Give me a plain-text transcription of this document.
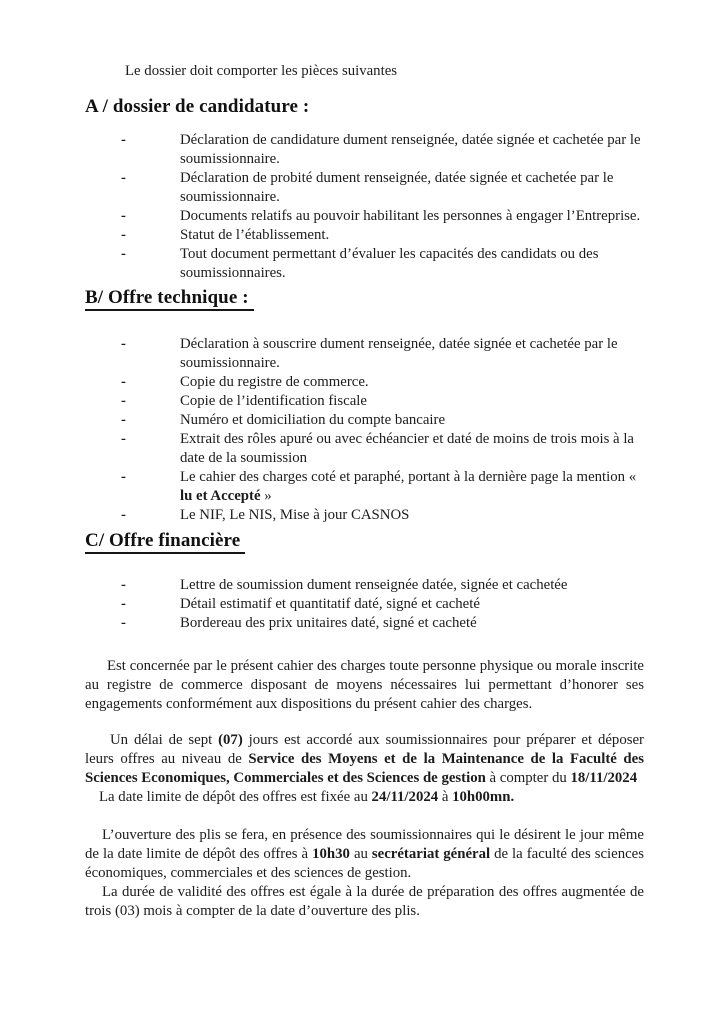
Le dossier doit comporter les pièces suivantes

A / dossier de candidature :
-	Déclaration de candidature dument renseignée, datée signée et cachetée par le soumissionnaire.
-	Déclaration de probité dument renseignée, datée signée et cachetée par le soumissionnaire.
-	Documents relatifs au pouvoir habilitant les personnes à engager l’Entreprise.
-	Statut de l’établissement.
-	Tout document permettant d’évaluer les capacités des candidats ou des soumissionnaires.
B/ Offre technique :
-	Déclaration à souscrire dument renseignée, datée signée et cachetée par le soumissionnaire.
-	Copie du registre de commerce.
-	Copie de l’identification fiscale
-	Numéro et domiciliation du compte bancaire
-	Extrait des rôles apuré ou avec échéancier et daté de moins de trois mois à la date de la soumission
-	Le cahier des charges coté et paraphé, portant à la dernière page la mention «  lu et Accepté »
-	Le NIF, Le NIS, Mise à jour CASNOS
C/ Offre financière
-	Lettre de soumission dument renseignée datée, signée et cachetée
-	Détail estimatif et quantitatif daté, signé et cacheté
-	Bordereau des prix unitaires daté, signé et cacheté

Est concernée par le présent cahier des charges toute personne physique ou morale inscrite au registre de commerce disposant de moyens nécessaires lui permettant d’honorer ses engagements conformément aux dispositions du présent cahier des charges.

Un délai de sept (07) jours est accordé aux soumissionnaires pour préparer et déposer leurs offres au niveau de Service des Moyens et de la Maintenance de la Faculté des Sciences Economiques, Commerciales et des Sciences de gestion à compter du 18/11/2024

La date limite de dépôt des offres est fixée au 24/11/2024 à 10h00mn.

L’ouverture des plis se fera, en présence des soumissionnaires qui le désirent le jour même de la date limite de dépôt des offres à 10h30 au secrétariat général de la faculté des sciences économiques, commerciales et des sciences de gestion.

La durée de validité des offres est égale à la durée de préparation des offres augmentée de trois (03) mois à compter de la date d’ouverture des plis.
